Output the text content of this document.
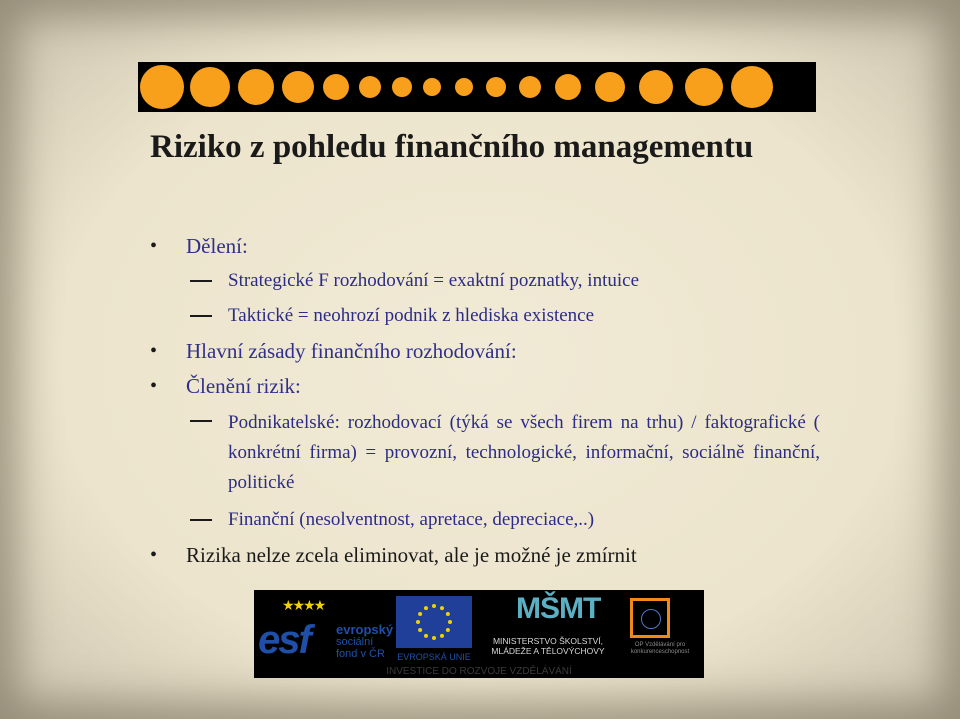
Riziko z pohledu finančního managementu
• Dělení:
Strategické F rozhodování = exaktní poznatky, intuice
Taktické = neohrozí podnik z hlediska existence
• Hlavní zásady finančního rozhodování:
• Členění rizik:
Podnikatelské: rozhodovací (týká se všech firem na trhu) / faktografické ( konkrétní firma) = provozní, technologické, informační, sociálně finanční, politické
Finanční (nesolventnost, apretace, depreciace,..)
• Rizika nelze zcela eliminovat, ale je možné je zmírnit
★★★★
esf evropský
sociální
fond v ČR	EVROPSKÁ UNIE
MŠMT
MINISTERSTVO ŠKOLSTVÍ,
MLÁDEŽE A TĚLOVÝCHOVY
OP Vzdělávání pro konkurenceschopnost
INVESTICE DO ROZVOJE VZDĚLÁVÁNÍ
